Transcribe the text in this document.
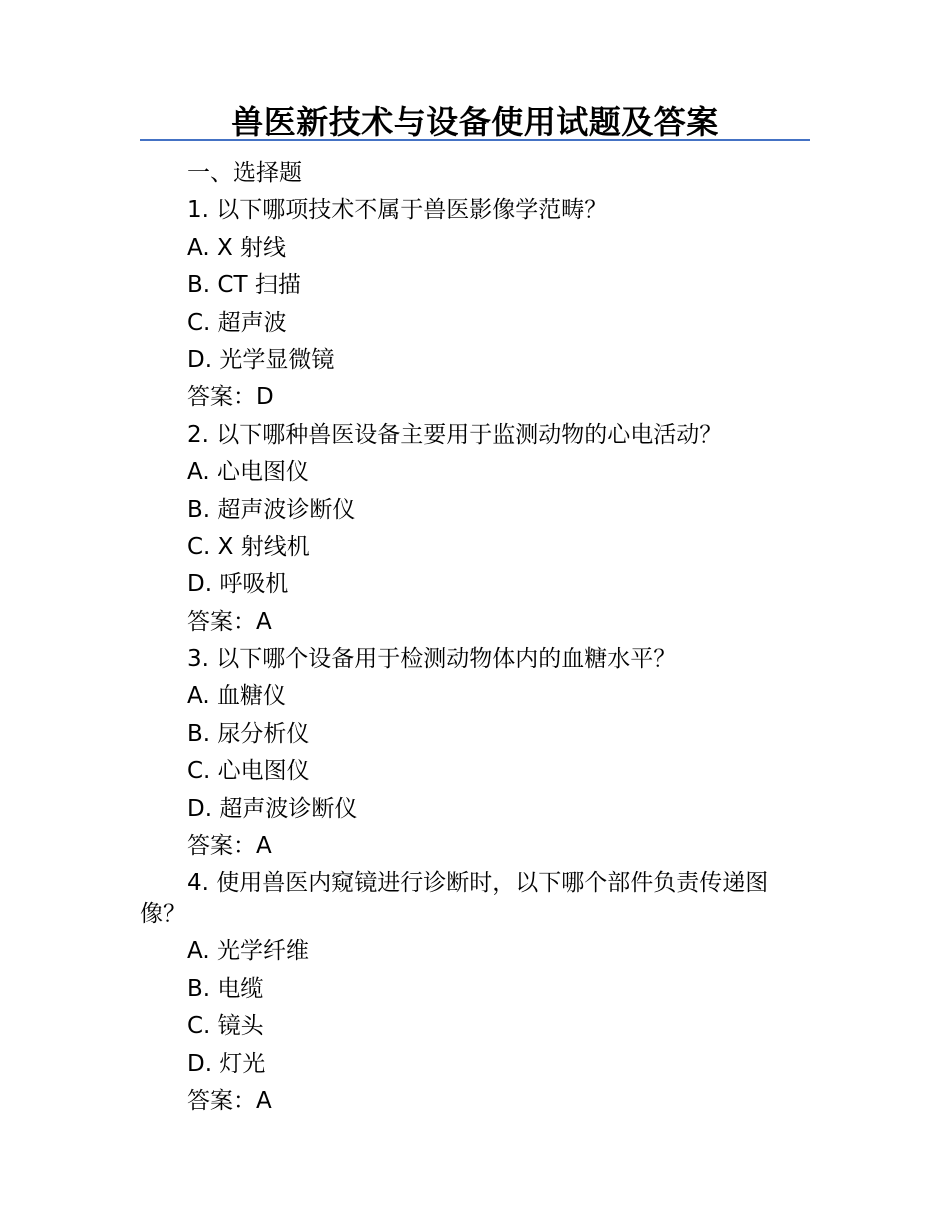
兽医新技术与设备使用试题及答案
一、选择题
1. 以下哪项技术不属于兽医影像学范畴？
A. X 射线
B. CT 扫描
C. 超声波
D. 光学显微镜
答案：D
2. 以下哪种兽医设备主要用于监测动物的心电活动？
A. 心电图仪
B. 超声波诊断仪
C. X 射线机
D. 呼吸机
答案：A
3. 以下哪个设备用于检测动物体内的血糖水平？
A. 血糖仪
B. 尿分析仪
C. 心电图仪
D. 超声波诊断仪
答案：A
4. 使用兽医内窥镜进行诊断时，以下哪个部件负责传递图像？
A. 光学纤维
B. 电缆
C. 镜头
D. 灯光
答案：A
